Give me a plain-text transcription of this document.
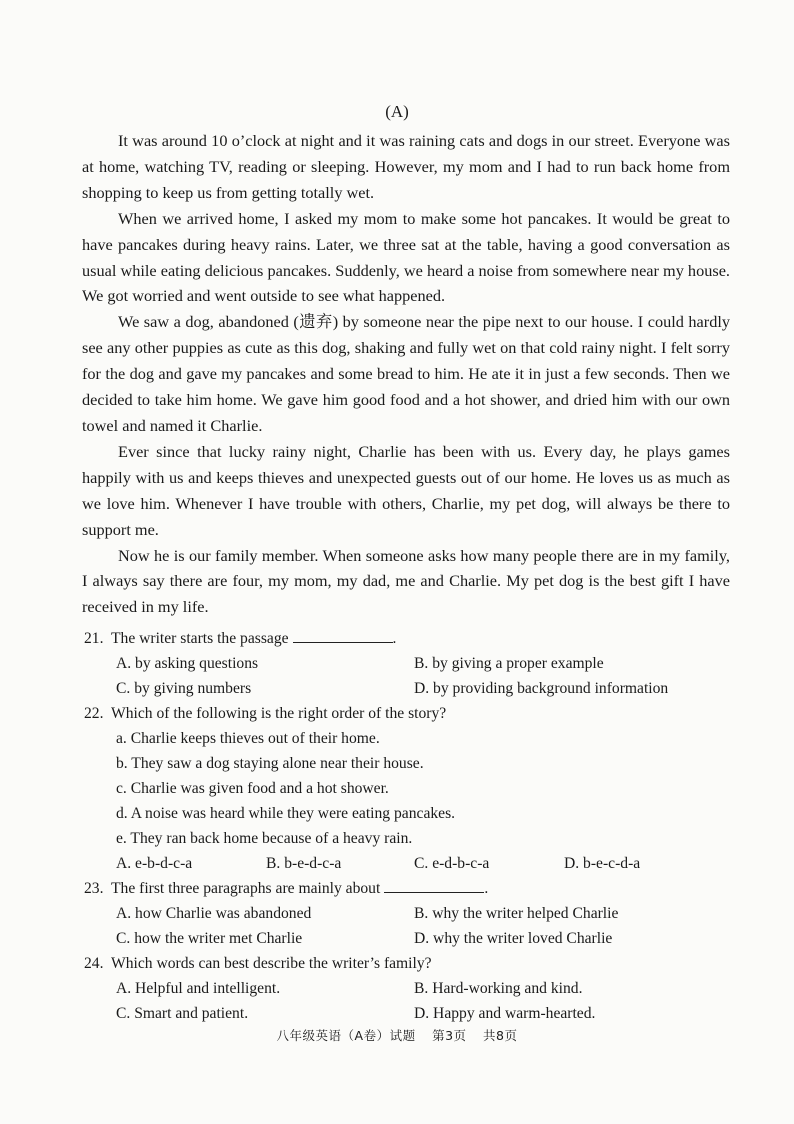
(A)

It was around 10 o’clock at night and it was raining cats and dogs in our street. Everyone was at home, watching TV, reading or sleeping. However, my mom and I had to run back home from shopping to keep us from getting totally wet.

When we arrived home, I asked my mom to make some hot pancakes. It would be great to have pancakes during heavy rains. Later, we three sat at the table, having a good conversation as usual while eating delicious pancakes. Suddenly, we heard a noise from somewhere near my house. We got worried and went outside to see what happened.

We saw a dog, abandoned (遗弃) by someone near the pipe next to our house. I could hardly see any other puppies as cute as this dog, shaking and fully wet on that cold rainy night. I felt sorry for the dog and gave my pancakes and some bread to him. He ate it in just a few seconds. Then we decided to take him home. We gave him good food and a hot shower, and dried him with our own towel and named it Charlie.

Ever since that lucky rainy night, Charlie has been with us. Every day, he plays games happily with us and keeps thieves and unexpected guests out of our home. He loves us as much as we love him. Whenever I have trouble with others, Charlie, my pet dog, will always be there to support me.

Now he is our family member. When someone asks how many people there are in my family, I always say there are four, my mom, my dad, me and Charlie. My pet dog is the best gift I have received in my life.

21. The writer starts the passage	.
A. by asking questions	B. by giving a proper example
C. by giving numbers	D. by providing background information
22. Which of the following is the right order of the story?
a. Charlie keeps thieves out of their home.
b. They saw a dog staying alone near their house.
c. Charlie was given food and a hot shower.
d. A noise was heard while they were eating pancakes.
e. They ran back home because of a heavy rain.
A. e-b-d-c-a	B. b-e-d-c-a	C. e-d-b-c-a	D. b-e-c-d-a
23. The first three paragraphs are mainly about	.
A. how Charlie was abandoned	B. why the writer helped Charlie
C. how the writer met Charlie	D. why the writer loved Charlie
24. Which words can best describe the writer’s family?
A. Helpful and intelligent.	B. Hard-working and kind.
C. Smart and patient.	D. Happy and warm-hearted.
八年级英语（A卷）试题 第3页 共8页
